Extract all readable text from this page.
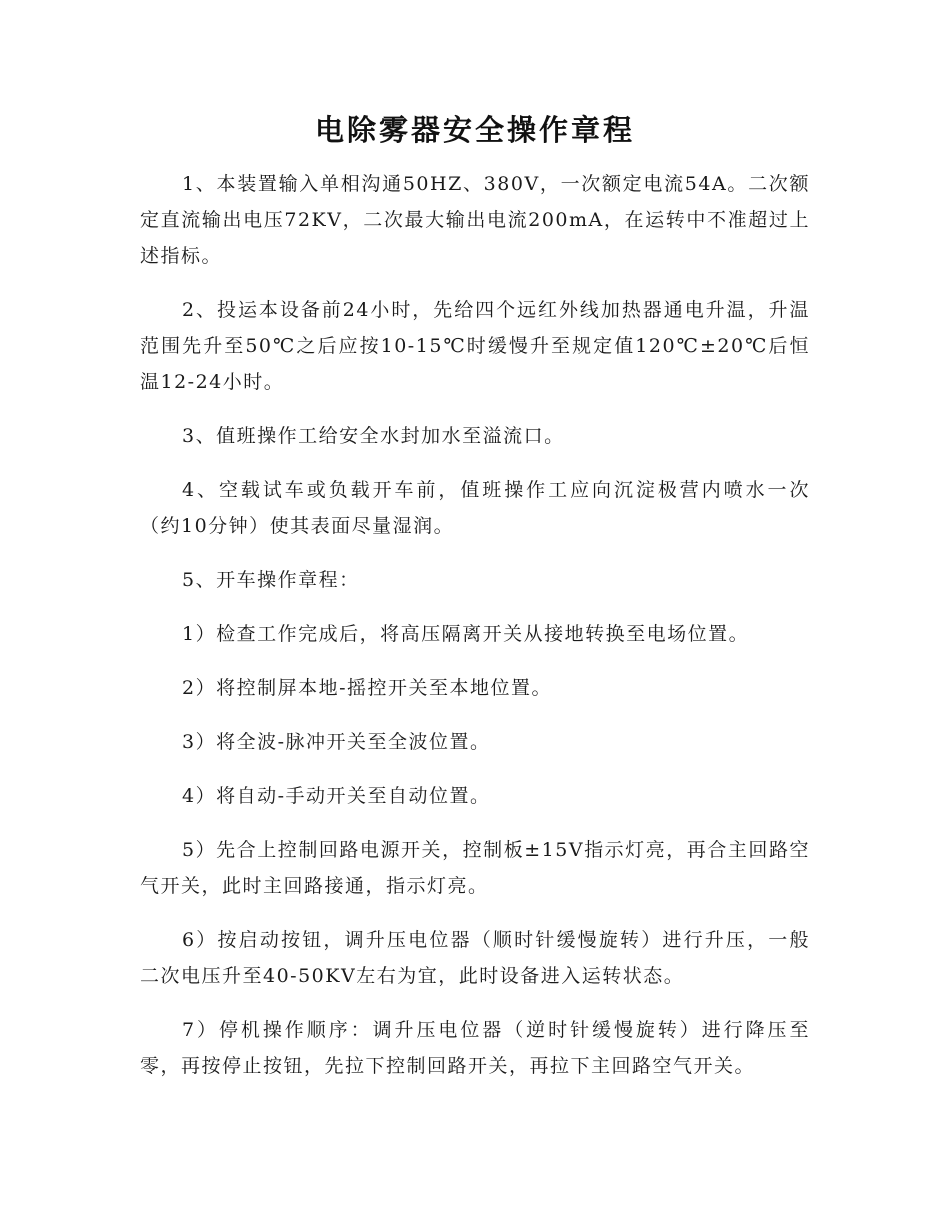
电除雾器安全操作章程

1、本装置输入单相沟通50HZ、380V，一次额定电流54A。二次额定直流输出电压72KV，二次最大输出电流200mA，在运转中不准超过上述指标。

2、投运本设备前24小时，先给四个远红外线加热器通电升温，升温范围先升至50℃之后应按10-15℃时缓慢升至规定值120℃±20℃后恒温12-24小时。

3、值班操作工给安全水封加水至溢流口。

4、空载试车或负载开车前，值班操作工应向沉淀极营内喷水一次（约10分钟）使其表面尽量湿润。

5、开车操作章程：

1）检查工作完成后，将高压隔离开关从接地转换至电场位置。

2）将控制屏本地-摇控开关至本地位置。

3）将全波-脉冲开关至全波位置。

4）将自动-手动开关至自动位置。

5）先合上控制回路电源开关，控制板±15V指示灯亮，再合主回路空气开关，此时主回路接通，指示灯亮。

6）按启动按钮，调升压电位器（顺时针缓慢旋转）进行升压，一般二次电压升至40-50KV左右为宜，此时设备进入运转状态。

7）停机操作顺序：调升压电位器（逆时针缓慢旋转）进行降压至零，再按停止按钮，先拉下控制回路开关，再拉下主回路空气开关。
